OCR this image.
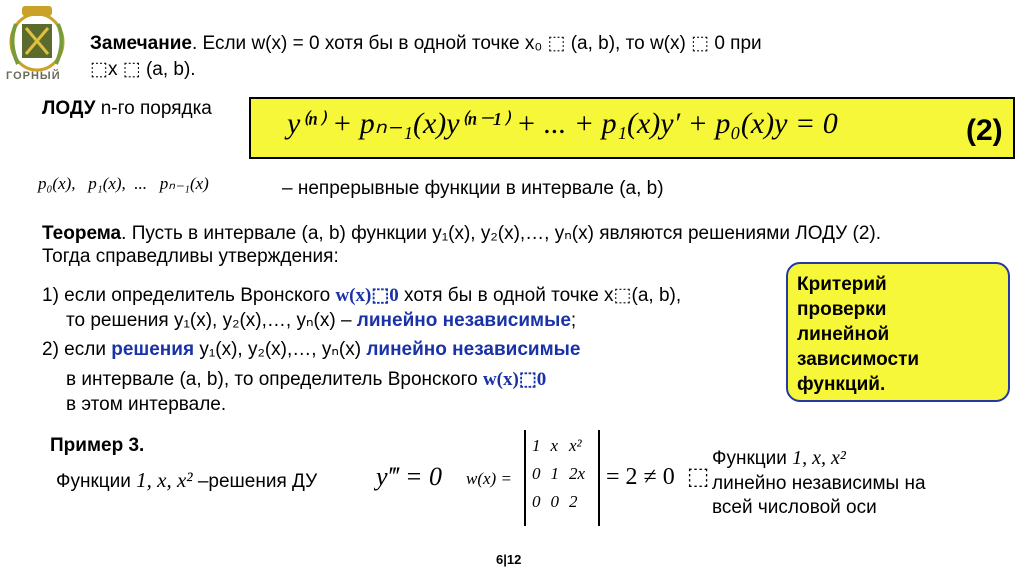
ГОРНЫЙ
Замечание. Если w(x) = 0 хотя бы в одной точке x₀ ⬚ (a, b), то w(x) ⬚ 0 при
⬚x ⬚ (a, b).
ЛОДУ n-го порядка	y⁽ⁿ⁾ + pₙ₋₁(x)y⁽ⁿ⁻¹⁾ + ... + p₁(x)y′ + p₀(x)y = 0	(2)
p₀(x),   p₁(x),  ...   pₙ₋₁(x)	– непрерывные функции в интервале (a, b)
Теорема. Пусть в интервале (a, b) функции y₁(x), y₂(x),…, yₙ(x) являются решениями ЛОДУ (2).
Тогда справедливы утверждения:
1) если определитель Вронского w(x)⬚0 хотя бы в одной точке x⬚(a, b),
то решения y₁(x), y₂(x),…, yₙ(x) – линейно независимые;
2) если решения y₁(x), y₂(x),…, yₙ(x) линейно независимые
в интервале (a, b), то определитель Вронского w(x)⬚0
в этом интервале.
Критерий
проверки
линейной
зависимости
функций.
Пример 3.
Функции 1, x, x² –решения ДУ y‴ = 0 w(x) =
1	x	x²
0	1	2x
0	0	2
= 2 ≠ 0  ⬚
Функции 1, x, x²
линейно независимы на
всей числовой оси
6|12
